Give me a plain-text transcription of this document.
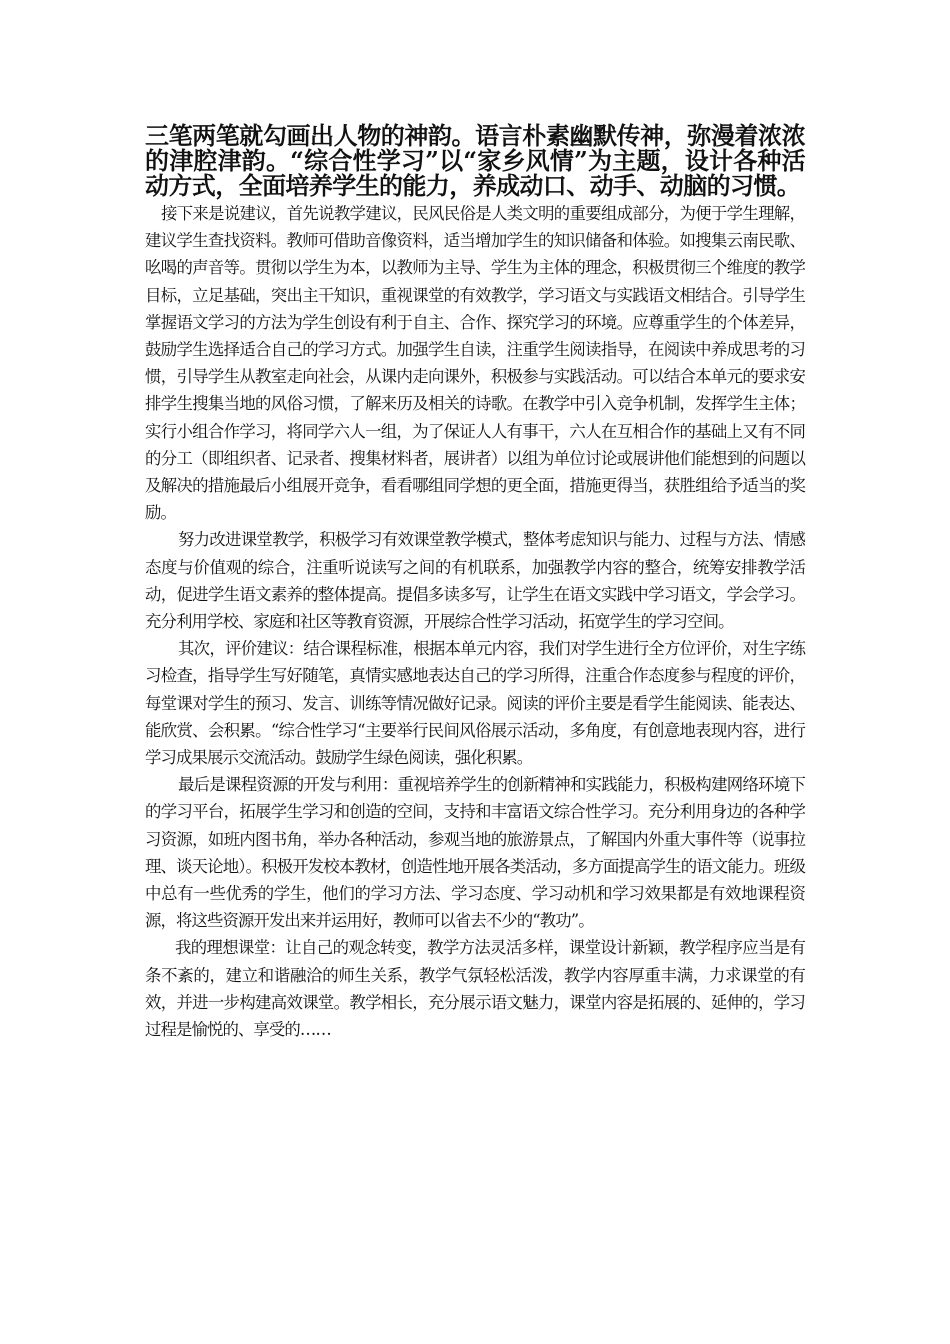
三笔两笔就勾画出人物的神韵。语言朴素幽默传神，弥漫着浓浓的津腔津韵。“综合性学习”以“家乡风情”为主题，设计各种活动方式，全面培养学生的能力，养成动口、动手、动脑的习惯。

接下来是说建议，首先说教学建议，民风民俗是人类文明的重要组成部分，为便于学生理解，建议学生查找资料。教师可借助音像资料，适当增加学生的知识储备和体验。如搜集云南民歌、吆喝的声音等。贯彻以学生为本，以教师为主导、学生为主体的理念，积极贯彻三个维度的教学目标，立足基础，突出主干知识，重视课堂的有效教学，学习语文与实践语文相结合。引导学生掌握语文学习的方法为学生创设有利于自主、合作、探究学习的环境。应尊重学生的个体差异，鼓励学生选择适合自己的学习方式。加强学生自读，注重学生阅读指导，在阅读中养成思考的习惯，引导学生从教室走向社会，从课内走向课外，积极参与实践活动。可以结合本单元的要求安排学生搜集当地的风俗习惯，了解来历及相关的诗歌。在教学中引入竞争机制，发挥学生主体；实行小组合作学习，将同学六人一组，为了保证人人有事干，六人在互相合作的基础上又有不同的分工（即组织者、记录者、搜集材料者，展讲者）以组为单位讨论或展讲他们能想到的问题以及解决的措施最后小组展开竞争，看看哪组同学想的更全面，措施更得当，获胜组给予适当的奖励。

努力改进课堂教学，积极学习有效课堂教学模式，整体考虑知识与能力、过程与方法、情感态度与价值观的综合，注重听说读写之间的有机联系，加强教学内容的整合，统筹安排教学活动，促进学生语文素养的整体提高。提倡多读多写，让学生在语文实践中学习语文，学会学习。充分利用学校、家庭和社区等教育资源，开展综合性学习活动，拓宽学生的学习空间。

其次，评价建议：结合课程标准，根据本单元内容，我们对学生进行全方位评价，对生字练习检查，指导学生写好随笔，真情实感地表达自己的学习所得，注重合作态度参与程度的评价，每堂课对学生的预习、发言、训练等情况做好记录。阅读的评价主要是看学生能阅读、能表达、能欣赏、会积累。“综合性学习“主要举行民间风俗展示活动，多角度，有创意地表现内容，进行学习成果展示交流活动。鼓励学生绿色阅读，强化积累。

最后是课程资源的开发与利用：重视培养学生的创新精神和实践能力，积极构建网络环境下的学习平台，拓展学生学习和创造的空间，支持和丰富语文综合性学习。充分利用身边的各种学习资源，如班内图书角，举办各种活动，参观当地的旅游景点，了解国内外重大事件等（说事拉理、谈天论地）。积极开发校本教材，创造性地开展各类活动，多方面提高学生的语文能力。班级中总有一些优秀的学生，他们的学习方法、学习态度、学习动机和学习效果都是有效地课程资源，将这些资源开发出来并运用好，教师可以省去不少的“教功”。

我的理想课堂：让自己的观念转变，教学方法灵活多样，课堂设计新颖，教学程序应当是有条不紊的，建立和谐融洽的师生关系，教学气氛轻松活泼，教学内容厚重丰满，力求课堂的有效，并进一步构建高效课堂。教学相长，充分展示语文魅力，课堂内容是拓展的、延伸的，学习过程是愉悦的、享受的……
